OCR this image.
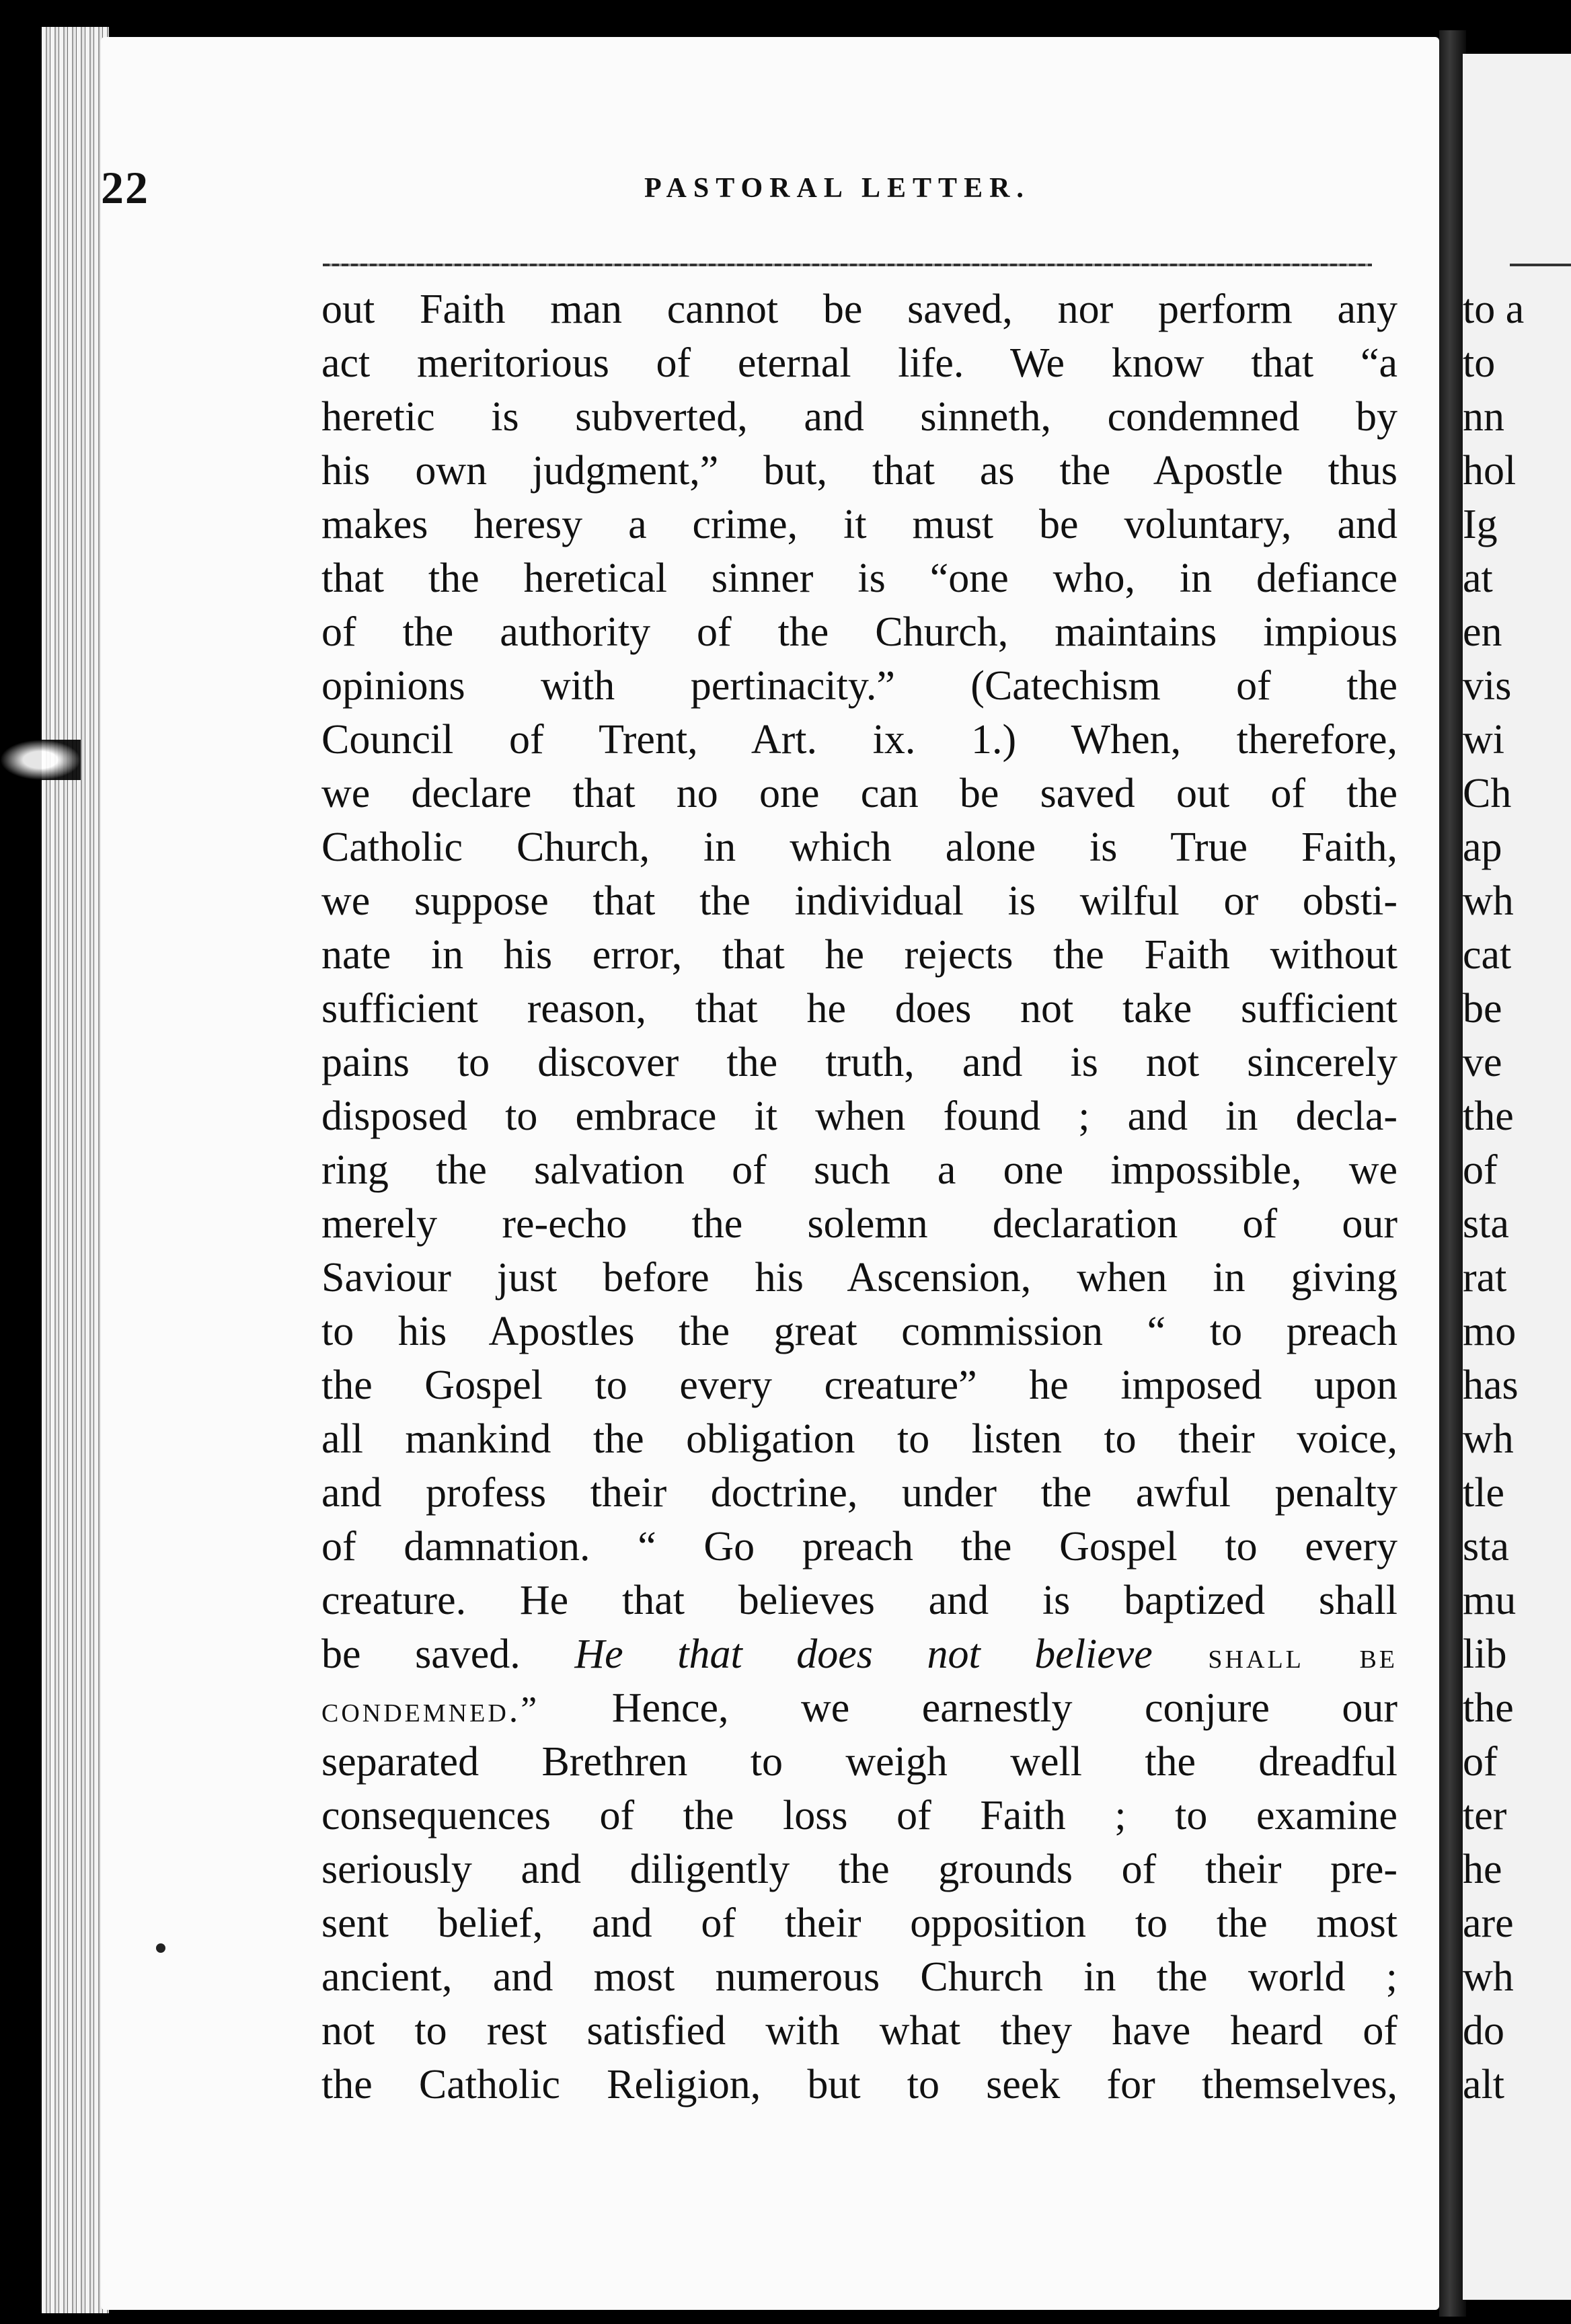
to a
to
nn
hol
Ig
at
en
vis
wi
Ch
ap
wh
cat
be
ve
the
of
sta
rat
mo
has
wh
tle
sta
mu
lib
the
of
ter
he
are
wh
do
alt
22	PASTORAL LETTER.
out Faith man cannot be saved, nor perform any
act meritorious of eternal life. We know that “a
heretic is subverted, and sinneth, condemned by
his own judgment,” but, that as the Apostle thus
makes heresy a crime, it must be voluntary, and
that the heretical sinner is “one who, in defiance
of the authority of the Church, maintains impious
opinions with pertinacity.” (Catechism of the
Council of Trent, Art. ix. 1.) When, therefore,
we declare that no one can be saved out of the
Catholic Church, in which alone is True Faith,
we suppose that the individual is wilful or obsti-
nate in his error, that he rejects the Faith without
sufficient reason, that he does not take sufficient
pains to discover the truth, and is not sincerely
disposed to embrace it when found ; and in decla-
ring the salvation of such a one impossible, we
merely re-echo the solemn declaration of our
Saviour just before his Ascension, when in giving
to his Apostles the great commission “ to preach
the Gospel to every creature” he imposed upon
all mankind the obligation to listen to their voice,
and profess their doctrine, under the awful penalty
of damnation. “ Go preach the Gospel to every
creature. He that believes and is baptized shall
be saved. He that does not believe shall be
condemned.” Hence, we earnestly conjure our
separated Brethren to weigh well the dreadful
consequences of the loss of Faith ; to examine
seriously and diligently the grounds of their pre-
sent belief, and of their opposition to the most
ancient, and most numerous Church in the world ;
not to rest satisfied with what they have heard of
the Catholic Religion, but to seek for themselves,
